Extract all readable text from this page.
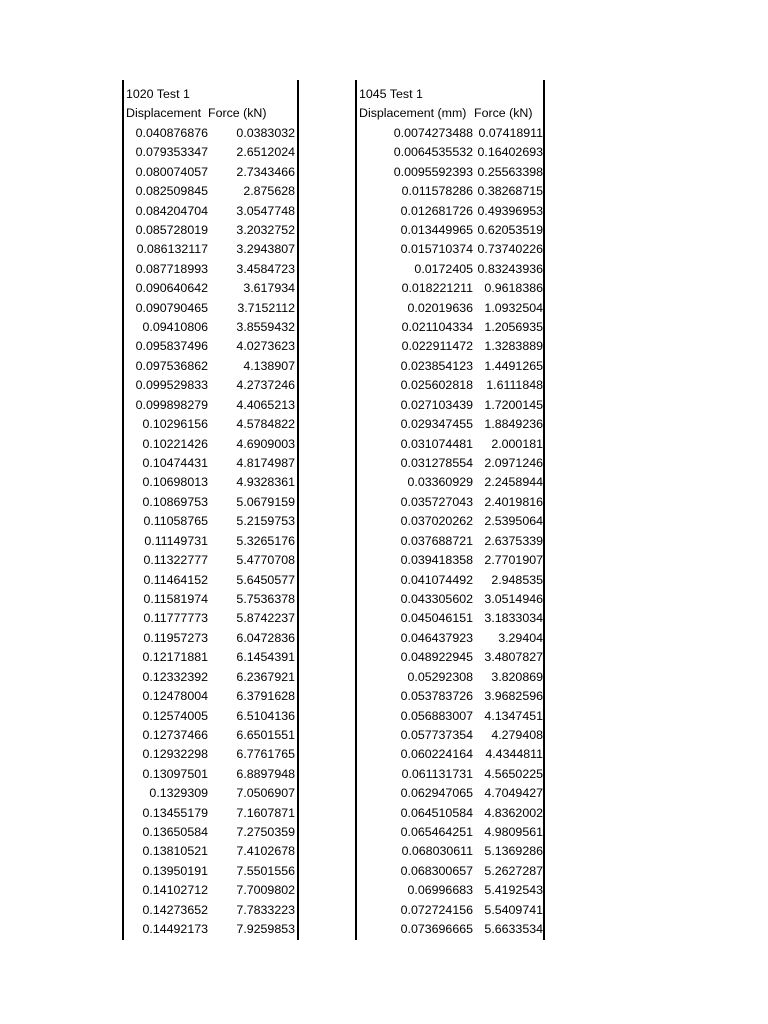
1020 Test 1
Displacement Force (kN)
0.040876876	0.0383032
0.079353347	2.6512024
0.080074057	2.7343466
0.082509845	2.875628
0.084204704	3.0547748
0.085728019	3.2032752
0.086132117	3.2943807
0.087718993	3.4584723
0.090640642	3.617934
0.090790465	3.7152112
0.09410806	3.8559432
0.095837496	4.0273623
0.097536862	4.138907
0.099529833	4.2737246
0.099898279	4.4065213
0.10296156	4.5784822
0.10221426	4.6909003
0.10474431	4.8174987
0.10698013	4.9328361
0.10869753	5.0679159
0.11058765	5.2159753
0.11149731	5.3265176
0.11322777	5.4770708
0.11464152	5.6450577
0.11581974	5.7536378
0.11777773	5.8742237
0.11957273	6.0472836
0.12171881	6.1454391
0.12332392	6.2367921
0.12478004	6.3791628
0.12574005	6.5104136
0.12737466	6.6501551
0.12932298	6.7761765
0.13097501	6.8897948
0.1329309	7.0506907
0.13455179	7.1607871
0.13650584	7.2750359
0.13810521	7.4102678
0.13950191	7.5501556
0.14102712	7.7009802
0.14273652	7.7833223
0.14492173	7.9259853
1045 Test 1
Displacement (mm) Force (kN)
0.0074273488 0.07418911
0.0064535532 0.16402693
0.0095592393 0.25563398
0.011578286 0.38268715
0.012681726 0.49396953
0.013449965 0.62053519
0.015710374 0.73740226
0.0172405 0.83243936
0.018221211 0.9618386
0.02019636 1.0932504
0.021104334 1.2056935
0.022911472 1.3283889
0.023854123 1.4491265
0.025602818	1.6111848
0.027103439 1.7200145
0.029347455 1.8849236
0.031074481	2.000181
0.031278554 2.0971246
0.03360929 2.2458944
0.035727043 2.4019816
0.037020262 2.5395064
0.037688721 2.6375339
0.039418358 2.7701907
0.041074492	2.948535
0.043305602 3.0514946
0.045046151 3.1833034
0.046437923	3.29404
0.048922945 3.4807827
0.05292308	3.820869
0.053783726 3.9682596
0.056883007 4.1347451
0.057737354	4.279408
0.060224164 4.4344811
0.061131731 4.5650225
0.062947065 4.7049427
0.064510584 4.8362002
0.065464251 4.9809561
0.068030611 5.1369286
0.068300657 5.2627287
0.06996683 5.4192543
0.072724156 5.5409741
0.073696665 5.6633534
